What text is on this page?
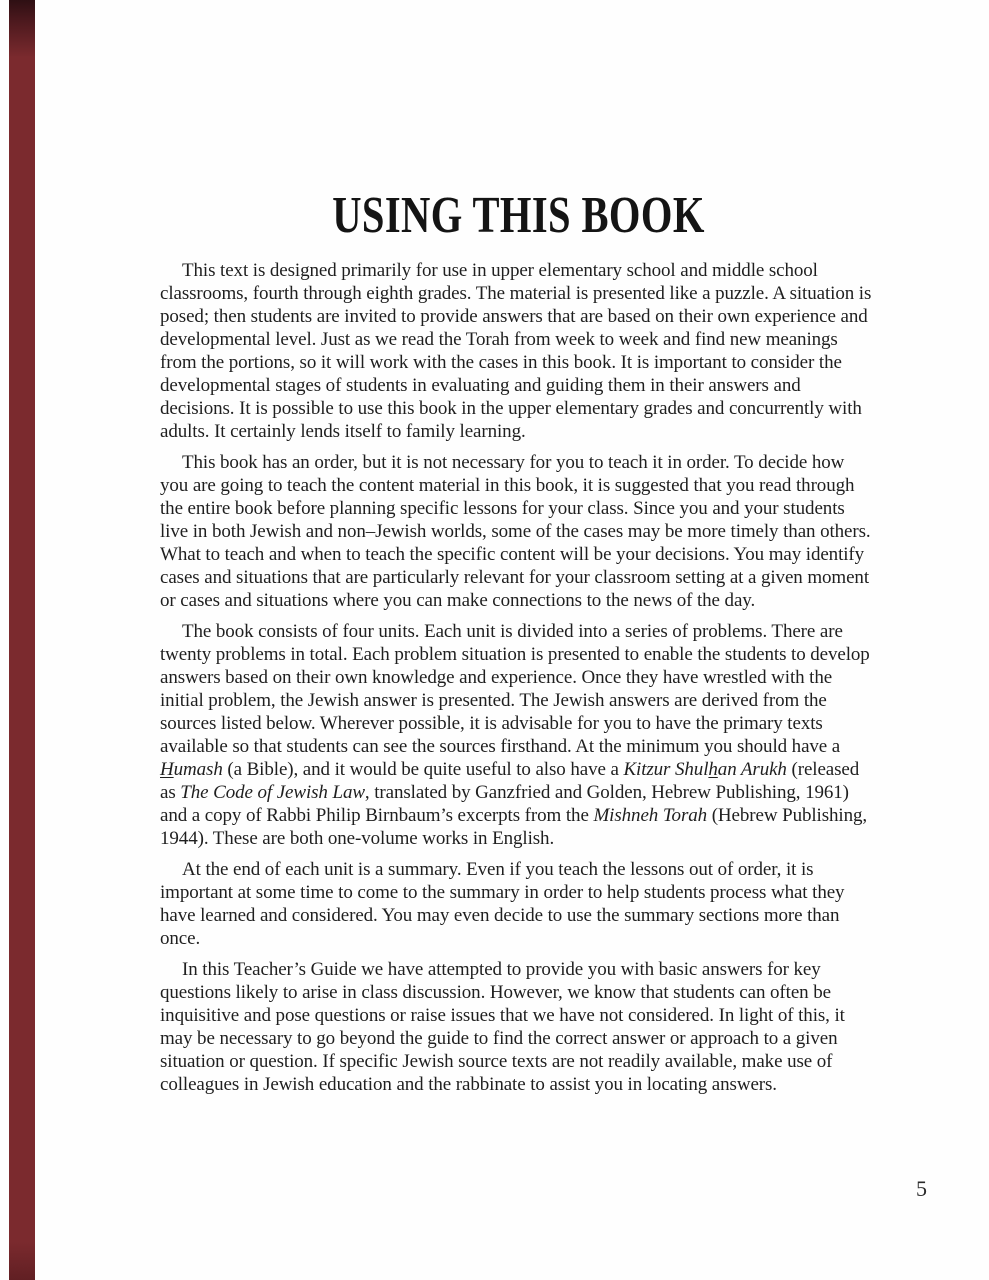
USING THIS BOOK

This text is designed primarily for use in upper elementary school and middle school classrooms, fourth through eighth grades. The material is presented like a puzzle. A situation is posed; then students are invited to provide answers that are based on their own experience and developmental level. Just as we read the Torah from week to week and find new meanings from the portions, so it will work with the cases in this book. It is important to consider the developmental stages of students in evaluating and guiding them in their answers and decisions. It is possible to use this book in the upper elementary grades and concurrently with adults. It certainly lends itself to family learning.

This book has an order, but it is not necessary for you to teach it in order. To decide how you are going to teach the content material in this book, it is suggested that you read through the entire book before planning specific lessons for your class. Since you and your students live in both Jewish and non–Jewish worlds, some of the cases may be more timely than others. What to teach and when to teach the specific content will be your decisions. You may identify cases and situations that are particularly relevant for your classroom setting at a given moment or cases and situations where you can make connections to the news of the day.

The book consists of four units. Each unit is divided into a series of problems. There are twenty problems in total. Each problem situation is presented to enable the students to develop answers based on their own knowledge and experience. Once they have wrestled with the initial problem, the Jewish answer is presented. The Jewish answers are derived from the sources listed below. Wherever possible, it is advisable for you to have the primary texts available so that students can see the sources firsthand. At the minimum you should have a Humash (a Bible), and it would be quite useful to also have a Kitzur Shulhan Arukh (released as The Code of Jewish Law, translated by Ganzfried and Golden, Hebrew Publishing, 1961) and a copy of Rabbi Philip Birnbaum’s excerpts from the Mishneh Torah (Hebrew Publishing, 1944). These are both one-volume works in English.

At the end of each unit is a summary. Even if you teach the lessons out of order, it is important at some time to come to the summary in order to help students process what they have learned and considered. You may even decide to use the summary sections more than once.

In this Teacher’s Guide we have attempted to provide you with basic answers for key questions likely to arise in class discussion. However, we know that students can often be inquisitive and pose questions or raise issues that we have not considered. In light of this, it may be necessary to go beyond the guide to find the correct answer or approach to a given situation or question. If specific Jewish source texts are not readily available, make use of colleagues in Jewish education and the rabbinate to assist you in locating answers.

5
